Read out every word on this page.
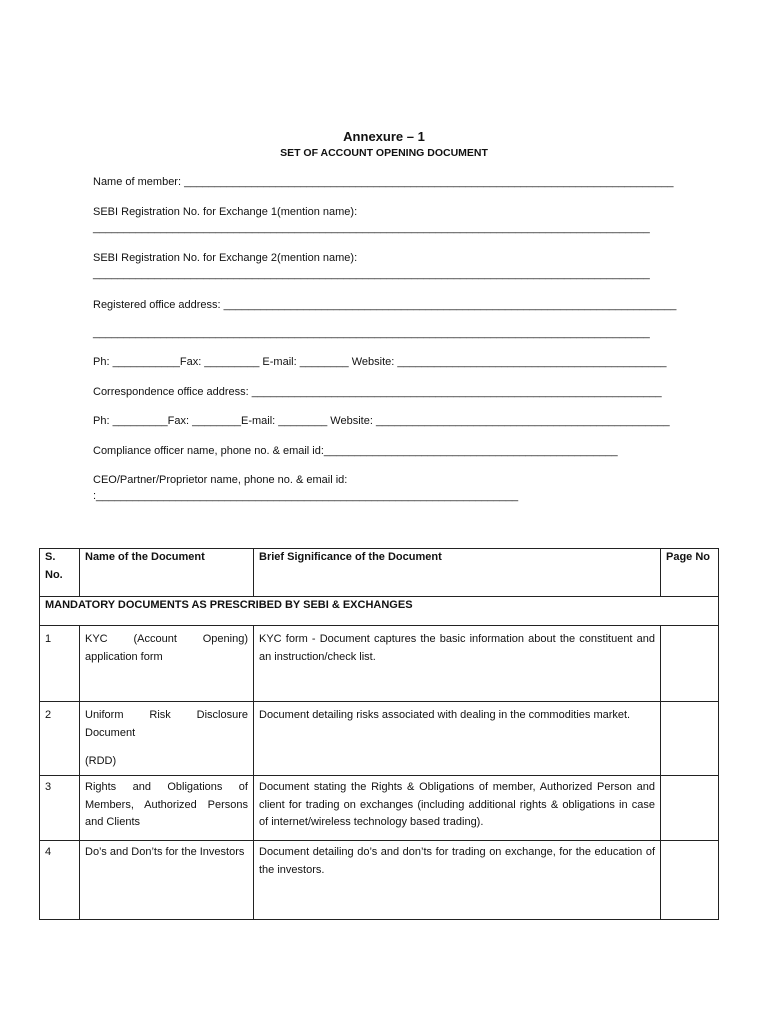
Annexure – 1
SET OF ACCOUNT OPENING DOCUMENT
Name of member: ________________________________________________________________________________
SEBI Registration No. for Exchange 1(mention name):
___________________________________________________________________________________________
SEBI Registration No. for Exchange 2(mention name):
___________________________________________________________________________________________
Registered office address: __________________________________________________________________________
___________________________________________________________________________________________
Ph: ___________Fax: _________ E-mail: ________ Website: ____________________________________________
Correspondence office address: ___________________________________________________________________
Ph: _________Fax: ________E-mail: ________ Website: ________________________________________________
Compliance officer name, phone no. & email id:________________________________________________
CEO/Partner/Proprietor name, phone no. & email id:
:_____________________________________________________________________
S. No.	Name of the Document	Brief Significance of the Document	Page No
MANDATORY DOCUMENTS AS PRESCRIBED BY SEBI & EXCHANGES			
1	KYC (Account Opening) application form	KYC form - Document captures the basic information about the constituent and an instruction/check list.	
2	Uniform Risk Disclosure Document
(RDD)	Document detailing risks associated with dealing in the commodities market.	
3	Rights and Obligations of Members, Authorized Persons and Clients	Document stating the Rights & Obligations of member, Authorized Person and client for trading on exchanges (including additional rights & obligations in case of internet/wireless technology based trading).	
4	Do’s and Don’ts for the Investors	Document detailing do’s and don’ts for trading on exchange, for the education of the investors.	
